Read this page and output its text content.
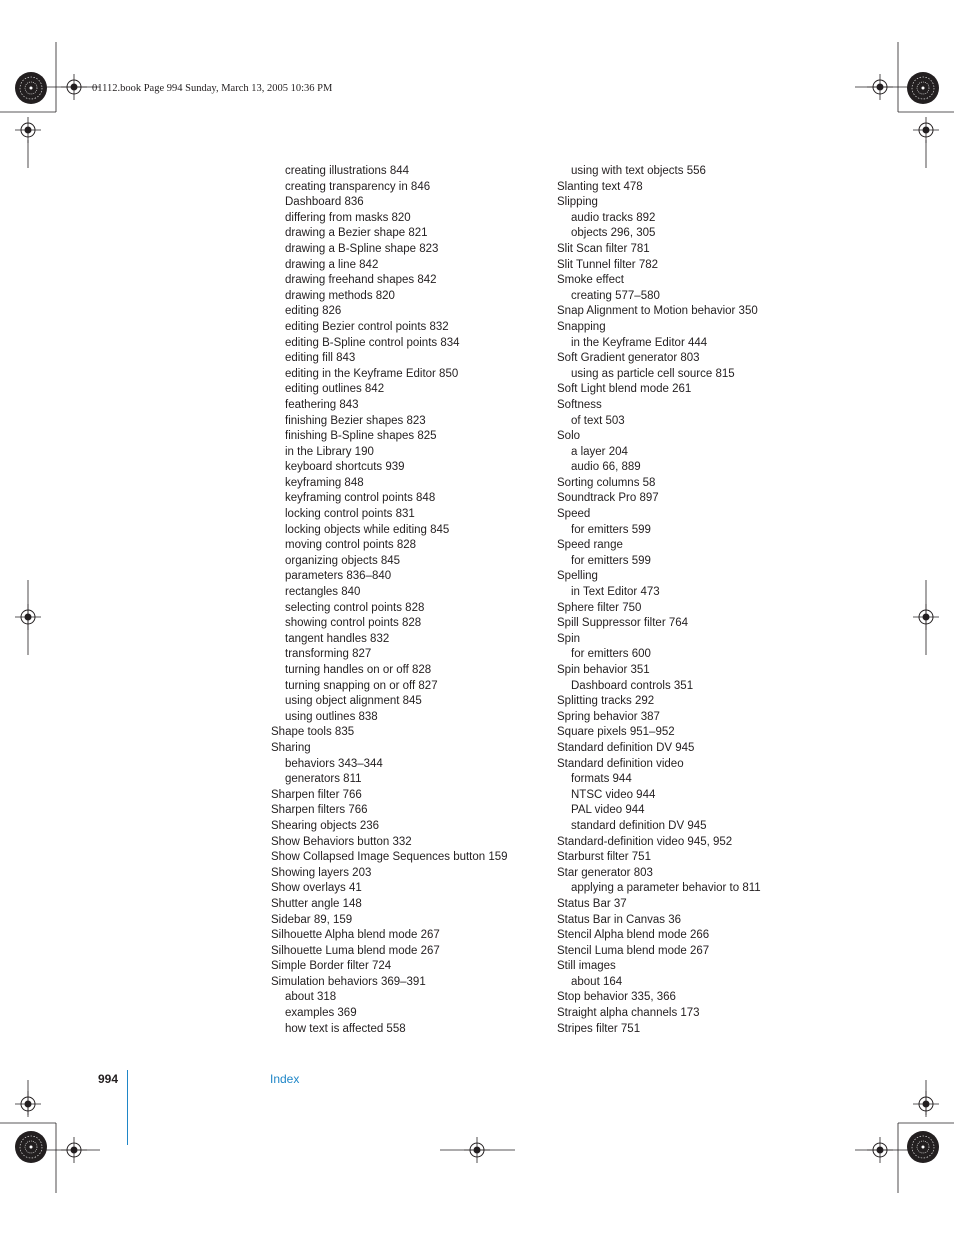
01112.book Page 994 Sunday, March 13, 2005 10:36 PM
creating illustrations 844
creating transparency in 846
Dashboard 836
differing from masks 820
drawing a Bezier shape 821
drawing a B-Spline shape 823
drawing a line 842
drawing freehand shapes 842
drawing methods 820
editing 826
editing Bezier control points 832
editing B-Spline control points 834
editing fill 843
editing in the Keyframe Editor 850
editing outlines 842
feathering 843
finishing Bezier shapes 823
finishing B-Spline shapes 825
in the Library 190
keyboard shortcuts 939
keyframing 848
keyframing control points 848
locking control points 831
locking objects while editing 845
moving control points 828
organizing objects 845
parameters 836–840
rectangles 840
selecting control points 828
showing control points 828
tangent handles 832
transforming 827
turning handles on or off 828
turning snapping on or off 827
using object alignment 845
using outlines 838
Shape tools 835
Sharing
behaviors 343–344
generators 811
Sharpen filter 766
Sharpen filters 766
Shearing objects 236
Show Behaviors button 332
Show Collapsed Image Sequences button 159
Showing layers 203
Show overlays 41
Shutter angle 148
Sidebar 89, 159
Silhouette Alpha blend mode 267
Silhouette Luma blend mode 267
Simple Border filter 724
Simulation behaviors 369–391
about 318
examples 369
how text is affected 558
using with text objects 556
Slanting text 478
Slipping
audio tracks 892
objects 296, 305
Slit Scan filter 781
Slit Tunnel filter 782
Smoke effect
creating 577–580
Snap Alignment to Motion behavior 350
Snapping
in the Keyframe Editor 444
Soft Gradient generator 803
using as particle cell source 815
Soft Light blend mode 261
Softness
of text 503
Solo
a layer 204
audio 66, 889
Sorting columns 58
Soundtrack Pro 897
Speed
for emitters 599
Speed range
for emitters 599
Spelling
in Text Editor 473
Sphere filter 750
Spill Suppressor filter 764
Spin
for emitters 600
Spin behavior 351
Dashboard controls 351
Splitting tracks 292
Spring behavior 387
Square pixels 951–952
Standard definition DV 945
Standard definition video
formats 944
NTSC video 944
PAL video 944
standard definition DV 945
Standard-definition video 945, 952
Starburst filter 751
Star generator 803
applying a parameter behavior to 811
Status Bar 37
Status Bar in Canvas 36
Stencil Alpha blend mode 266
Stencil Luma blend mode 267
Still images
about 164
Stop behavior 335, 366
Straight alpha channels 173
Stripes filter 751
994	Index
